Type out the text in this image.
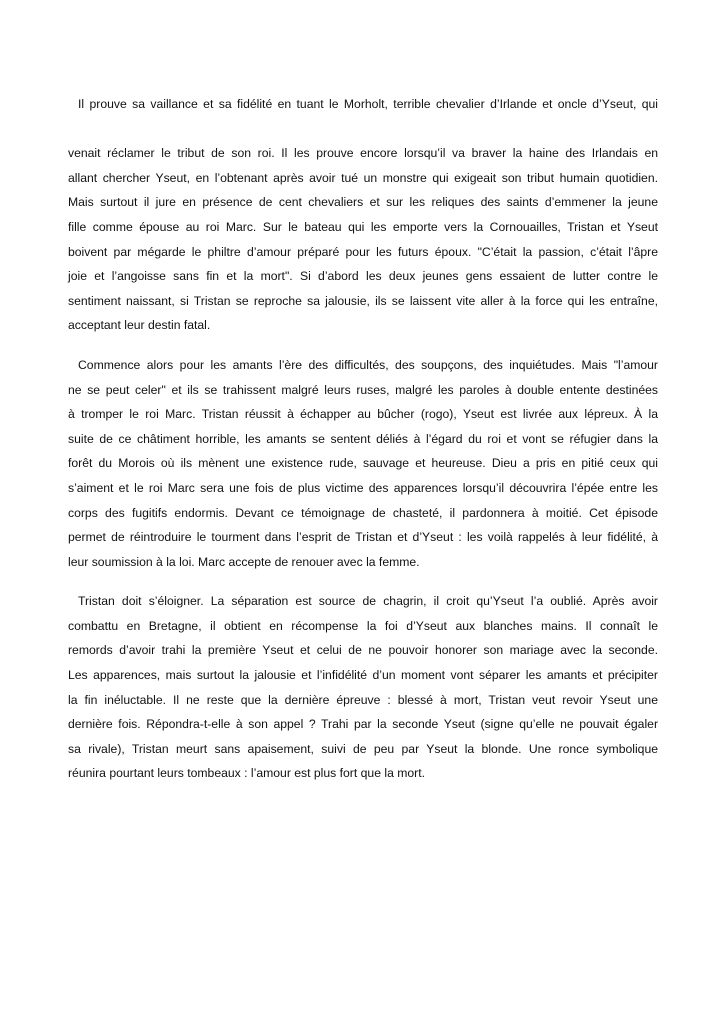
Il prouve sa vaillance et sa fidélité en tuant le Morholt, terrible chevalier d’Irlande et oncle d’Yseut, qui
venait réclamer le tribut de son roi. Il les prouve encore lorsqu’il va braver la haine des Irlandais en
allant chercher Yseut, en l’obtenant après avoir tué un monstre qui exigeait son tribut humain quotidien.
Mais surtout il jure en présence de cent chevaliers et sur les reliques des saints d’emmener la jeune
fille comme épouse au roi Marc. Sur le bateau qui les emporte vers la Cornouailles, Tristan et Yseut
boivent par mégarde le philtre d’amour préparé pour les futurs époux. "C’était la passion, c’était l’âpre
joie et l’angoisse sans fin et la mort". Si d’abord les deux jeunes gens essaient de lutter contre le
sentiment naissant, si Tristan se reproche sa jalousie, ils se laissent vite aller à la force qui les entraîne,
acceptant leur destin fatal.
Commence alors pour les amants l’ère des difficultés, des soupçons, des inquiétudes. Mais "l’amour
ne se peut celer" et ils se trahissent malgré leurs ruses, malgré les paroles à double entente destinées
à tromper le roi Marc. Tristan réussit à échapper au bûcher (rogo), Yseut est livrée aux lépreux. À la
suite de ce châtiment horrible, les amants se sentent déliés à l’égard du roi et vont se réfugier dans la
forêt du Morois où ils mènent une existence rude, sauvage et heureuse. Dieu a pris en pitié ceux qui
s’aiment et le roi Marc sera une fois de plus victime des apparences lorsqu’il découvrira l’épée entre les
corps des fugitifs endormis. Devant ce témoignage de chasteté, il pardonnera à moitié. Cet épisode
permet de réintroduire le tourment dans l’esprit de Tristan et d’Yseut : les voilà rappelés à leur fidélité, à
leur soumission à la loi. Marc accepte de renouer avec la femme.
Tristan doit s’éloigner. La séparation est source de chagrin, il croit qu’Yseut l’a oublié. Après avoir
combattu en Bretagne, il obtient en récompense la foi d’Yseut aux blanches mains. Il connaît le
remords d’avoir trahi la première Yseut et celui de ne pouvoir honorer son mariage avec la seconde.
Les apparences, mais surtout la jalousie et l’infidélité d’un moment vont séparer les amants et précipiter
la fin inéluctable. Il ne reste que la dernière épreuve : blessé à mort, Tristan veut revoir Yseut une
dernière fois. Répondra-t-elle à son appel ? Trahi par la seconde Yseut (signe qu’elle ne pouvait égaler
sa rivale), Tristan meurt sans apaisement, suivi de peu par Yseut la blonde. Une ronce symbolique
réunira pourtant leurs tombeaux : l’amour est plus fort que la mort.
